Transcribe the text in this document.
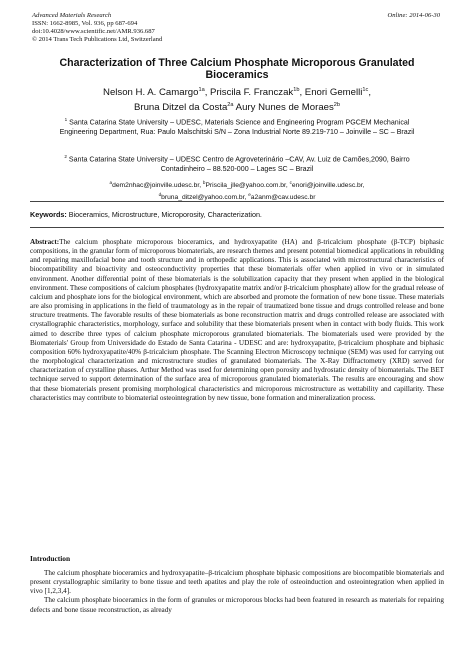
Advanced Materials Research
ISSN: 1662-8985, Vol. 936, pp 687-694
doi:10.4028/www.scientific.net/AMR.936.687
© 2014 Trans Tech Publications Ltd, Switzerland
Online: 2014-06-30
Characterization of Three Calcium Phosphate Microporous Granulated Bioceramics
Nelson H. A. Camargo$^{1a}$, Priscila F. Franczak$^{1b}$, Enori Gemelli$^{1c}$,
Bruna Ditzel da Costa$^{2a}$ Aury Nunes de Moraes$^{2b}$
$^1$ Santa Catarina State University – UDESC, Materials Science and Engineering Program PGCEM Mechanical Engineering Department, Rua: Paulo Malschitski S/N – Zona Industrial Norte 89.219-710 – Joinville – SC – Brazil
$^2$ Santa Catarina State University – UDESC Centro de Agroveterinário –CAV, Av. Luiz de Camões,2090, Bairro Contadinheiro – 88.520-000 – Lages SC – Brazil
$^a$dem2nhac@joinville.udesc.br, $^b$Priscila_jlle@yahoo.com.br, $^c$enori@joinville.udesc.br,
$^d$bruna_ditzel@yahoo.com.br, $^e$a2anm@cav.udesc.br
Keywords: Bioceramics, Microstructure, Microporosity, Characterization.
Abstract:The calcium phosphate microporous bioceramics, and hydroxyapatite (HA) and β-tricalcium phosphate (β-TCP) biphasic compositions, in the granular form of microporous biomaterials, are research themes and present potential biomedical applications in rebuilding and repairing maxillofacial bone and tooth structure and in orthopedic applications. This is associated with microstructural characteristics of biocompatibility and bioactivity and osteoconductivity properties that these biomaterials offer when applied in vivo or in simulated environment. Another differential point of these biomaterials is the solubilization capacity that they present when applied in the biological environment. These compositions of calcium phosphates (hydroxyapatite matrix and/or β-tricalcium phosphate) allow for the gradual release of calcium and phosphate ions for the biological environment, which are absorbed and promote the formation of new bone tissue. These materials are also promising in applications in the field of traumatology as in the repair of traumatized bone tissue and drugs controlled release and bone structure treatments. The favorable results of these biomaterials as bone reconstruction matrix and drugs controlled release are associated with crystallographic characteristics, morphology, surface and solubility that these biomaterials present when in contact with body fluids. This work aimed to describe three types of calcium phosphate microporous granulated biomaterials. The biomaterials used were provided by the Biomaterials' Group from Universidade do Estado de Santa Catarina - UDESC and are: hydroxyapatite, β-tricalcium phosphate and biphasic composition 60% hydroxyapatite/40% β-tricalcium phosphate. The Scanning Electron Microscopy technique (SEM) was used for carrying out the morphological characterization and microstructure studies of granulated biomaterials. The X-Ray Diffractometry (XRD) served for characterization of crystalline phases. Arthur Method was used for determining open porosity and hydrostatic density of biomaterials. The BET technique served to support determination of the surface area of microporous granulated biomaterials. The results are encouraging and show that these biomaterials present promising morphological characteristics and microporous microstructure as wettability and capillarity. These characteristics may contribute to biomaterial osteointegration by new tissue, bone formation and mineralization process.
Introduction

The calcium phosphate bioceramics and hydroxyapatite–β-tricalcium phosphate biphasic compositions are biocompatible biomaterials and present crystallographic similarity to bone tissue and teeth apatites and play the role of osteoinduction and osteointegration when applied in vivo [1,2,3,4].

The calcium phosphate bioceramics in the form of granules or microporous blocks had been featured in research as materials for repairing defects and bone tissue reconstruction, as already
